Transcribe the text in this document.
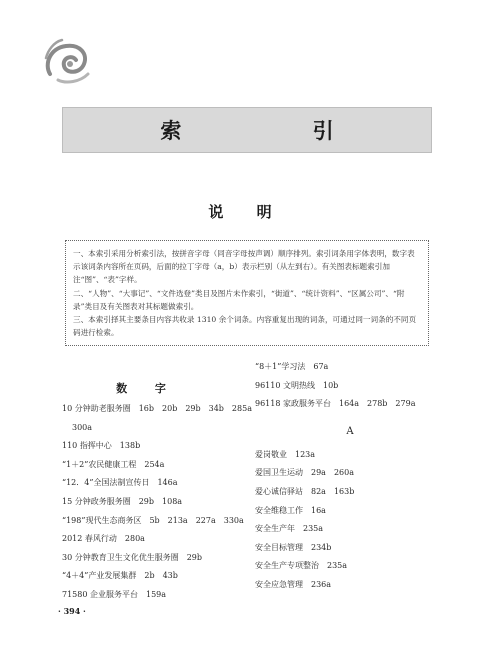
索 引
说 明

一、本索引采用分析索引法，按拼音字母（同音字母按声调）顺序排列。索引词条用字体表明，数字表示该词条内容所在页码，后面的拉丁字母（a，b）表示栏别（从左到右）。有关图表标题索引加注“图”、“表”字样。

二、“人物”、“大事记”、“文件选登”类目及图片未作索引，“街道”、“统计资料”、“区属公司”、“附录”类目及有关图表对其标题做索引。

三、本索引择其主要条目内容共收录 1310 余个词条。内容重复出现的词条，可通过同一词条的不同页码进行检索。

数 字
10 分钟助老服务圈　16b　20b　29b　34b　285a
300a
110 指挥中心　138b
“1＋2”农民健康工程　254a
“12．4”全国法制宣传日　146a
15 分钟政务服务圈　29b　108a
“198”现代生态商务区　5b　213a　227a　330a
2012 春风行动　280a
30 分钟教育卫生文化优生服务圈　29b
“4＋4”产业发展集群　2b　43b
71580 企业服务平台　159a
“8＋1”学习法　67a
96110 文明热线　10b
96118 家政服务平台　164a　278b　279a
A
爱岗敬业　123a
爱国卫生运动　29a　260a
爱心诚信驿站　82a　163b
安全维稳工作　16a
安全生产年　235a
安全目标管理　234b
安全生产专项整治　235a
安全应急管理　236a
· 394 ·
